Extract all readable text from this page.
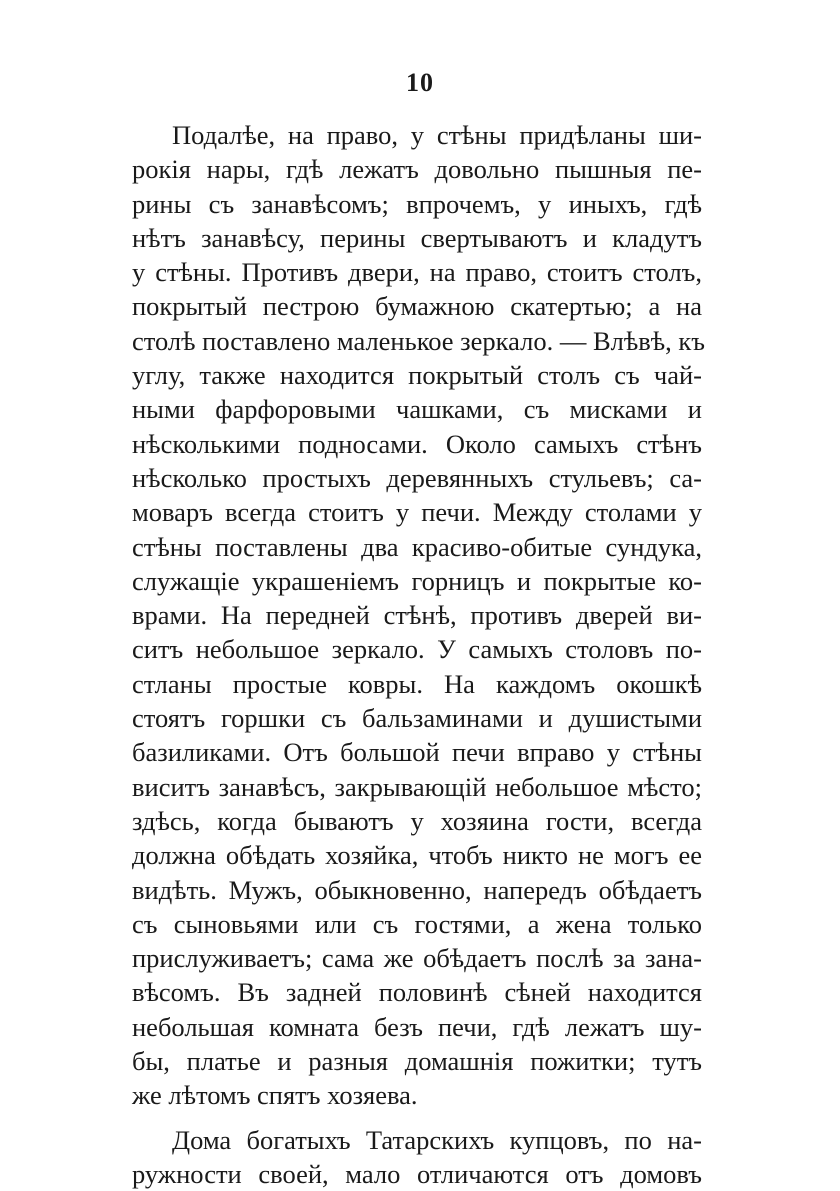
10
Подалѣе, на право, у стѣны придѣланы ши-
рокія нары, гдѣ лежатъ довольно пышныя пе-
рины съ занавѣсомъ; впрочемъ, у иныхъ, гдѣ
нѣтъ занавѣсу, перины свертываютъ и кладутъ
у стѣны. Противъ двери, на право, стоитъ столъ,
покрытый пестрою бумажною скатертью; а на
столѣ поставлено маленькое зеркало. — Влѣвѣ, къ
углу, также находится покрытый столъ съ чай-
ными фарфоровыми чашками, съ мисками и
нѣсколькими подносами. Около самыхъ стѣнъ
нѣсколько простыхъ деревянныхъ стульевъ; са-
моваръ всегда стоитъ у печи. Между столами у
стѣны поставлены два красиво-обитые сундука,
служащіе украшеніемъ горницъ и покрытые ко-
врами. На передней стѣнѣ, противъ дверей ви-
ситъ небольшое зеркало. У самыхъ столовъ по-
стланы простые ковры. На каждомъ окошкѣ
стоятъ горшки съ бальзаминами и душистыми
базиликами. Отъ большой печи вправо у стѣны
виситъ занавѣсъ, закрывающій небольшое мѣсто;
здѣсь, когда бываютъ у хозяина гости, всегда
должна обѣдать хозяйка, чтобъ никто не могъ ее
видѣть. Мужъ, обыкновенно, напередъ обѣдаетъ
съ сыновьями или съ гостями, а жена только
прислуживаетъ; сама же обѣдаетъ послѣ за зана-
вѣсомъ. Въ задней половинѣ сѣней находится
небольшая комната безъ печи, гдѣ лежатъ шу-
бы, платье и разныя домашнія пожитки; тутъ
же лѣтомъ спятъ хозяева.
Дома богатыхъ Татарскихъ купцовъ, по на-
ружности своей, мало отличаются отъ домовъ
